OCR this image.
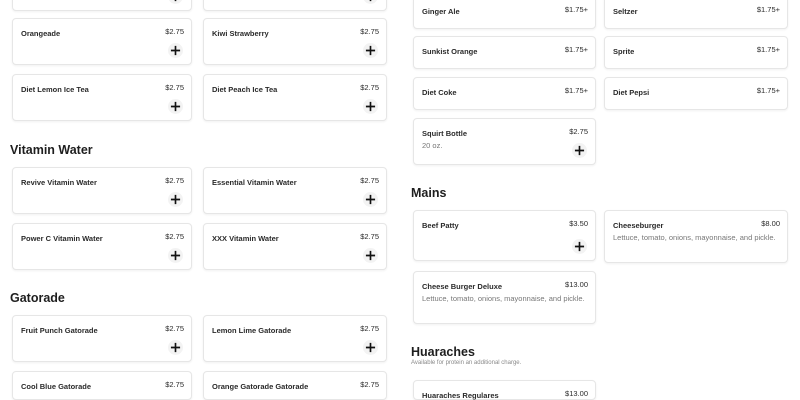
Orangeade	$2.75	Kiwi Strawberry	$2.75
Diet Lemon Ice Tea	$2.75	Diet Peach Ice Tea	$2.75
Vitamin Water
Revive Vitamin Water	$2.75	Essential Vitamin Water	$2.75
Power C Vitamin Water	$2.75	XXX Vitamin Water	$2.75
Gatorade
Fruit Punch Gatorade	$2.75	Lemon Lime Gatorade	$2.75
Cool Blue Gatorade	$2.75	Orange Gatorade Gatorade	$2.75
Ginger Ale	$1.75+	Seltzer	$1.75+
Sunkist Orange	$1.75+	Sprite	$1.75+
Diet Coke	$1.75+	Diet Pepsi	$1.75+
Squirt Bottle	$2.75
20 oz.
Mains
Beef Patty	$3.50	Cheeseburger	$8.00
Lettuce, tomato, onions, mayonnaise, and pickle.
Cheese Burger Deluxe	$13.00
Lettuce, tomato, onions, mayonnaise, and pickle.
Huaraches
Available for protein an additional charge.
Huaraches Regulares	$13.00
